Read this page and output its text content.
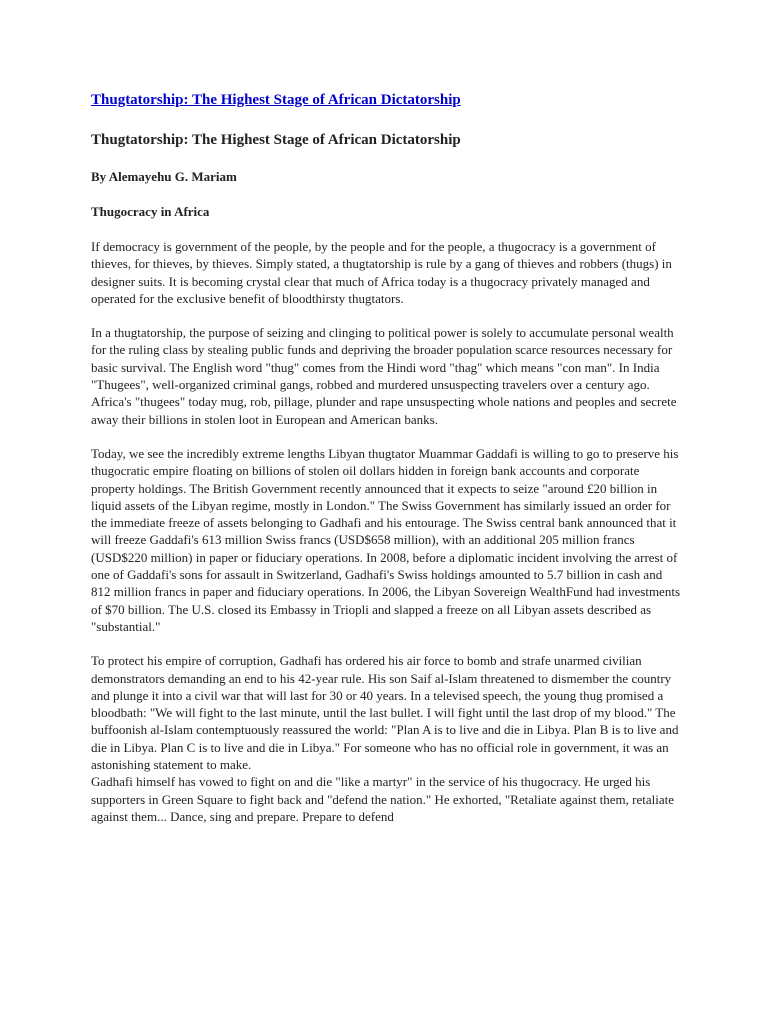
Thugtatorship: The Highest Stage of African Dictatorship
Thugtatorship: The Highest Stage of African Dictatorship
By Alemayehu G. Mariam
Thugocracy in Africa

If democracy is government of the people, by the people and for the people, a thugocracy is a government of thieves, for thieves, by thieves. Simply stated, a thugtatorship is rule by a gang of thieves and robbers (thugs) in designer suits. It is becoming crystal clear that much of Africa today is a thugocracy privately managed and operated for the exclusive benefit of bloodthirsty thugtators.

In a thugtatorship, the purpose of seizing and clinging to political power is solely to accumulate personal wealth for the ruling class by stealing public funds and depriving the broader population scarce resources necessary for basic survival. The English word "thug" comes from the Hindi word "thag" which means "con man". In India "Thugees", well-organized criminal gangs, robbed and murdered unsuspecting travelers over a century ago. Africa's "thugees" today mug, rob, pillage, plunder and rape unsuspecting whole nations and peoples and secrete away their billions in stolen loot in European and American banks.

Today, we see the incredibly extreme lengths Libyan thugtator Muammar Gaddafi is willing to go to preserve his thugocratic empire floating on billions of stolen oil dollars hidden in foreign bank accounts and corporate property holdings. The British Government recently announced that it expects to seize "around £20 billion in liquid assets of the Libyan regime, mostly in London." The Swiss Government has similarly issued an order for the immediate freeze of assets belonging to Gadhafi and his entourage. The Swiss central bank announced that it will freeze Gaddafi's 613 million Swiss francs (USD$658 million), with an additional 205 million francs (USD$220 million) in paper or fiduciary operations. In 2008, before a diplomatic incident involving the arrest of one of Gaddafi's sons for assault in Switzerland, Gadhafi's Swiss holdings amounted to 5.7 billion in cash and 812 million francs in paper and fiduciary operations. In 2006, the Libyan Sovereign WealthFund had investments of $70 billion. The U.S. closed its Embassy in Triopli and slapped a freeze on all Libyan assets described as "substantial."

To protect his empire of corruption, Gadhafi has ordered his air force to bomb and strafe unarmed civilian demonstrators demanding an end to his 42-year rule. His son Saif al-Islam threatened to dismember the country and plunge it into a civil war that will last for 30 or 40 years. In a televised speech, the young thug promised a bloodbath: "We will fight to the last minute, until the last bullet. I will fight until the last drop of my blood." The buffoonish al-Islam contemptuously reassured the world: "Plan A is to live and die in Libya. Plan B is to live and die in Libya. Plan C is to live and die in Libya." For someone who has no official role in government, it was an astonishing statement to make.

Gadhafi himself has vowed to fight on and die "like a martyr" in the service of his thugocracy. He urged his supporters in Green Square to fight back and "defend the nation." He exhorted, "Retaliate against them, retaliate against them... Dance, sing and prepare. Prepare to defend
